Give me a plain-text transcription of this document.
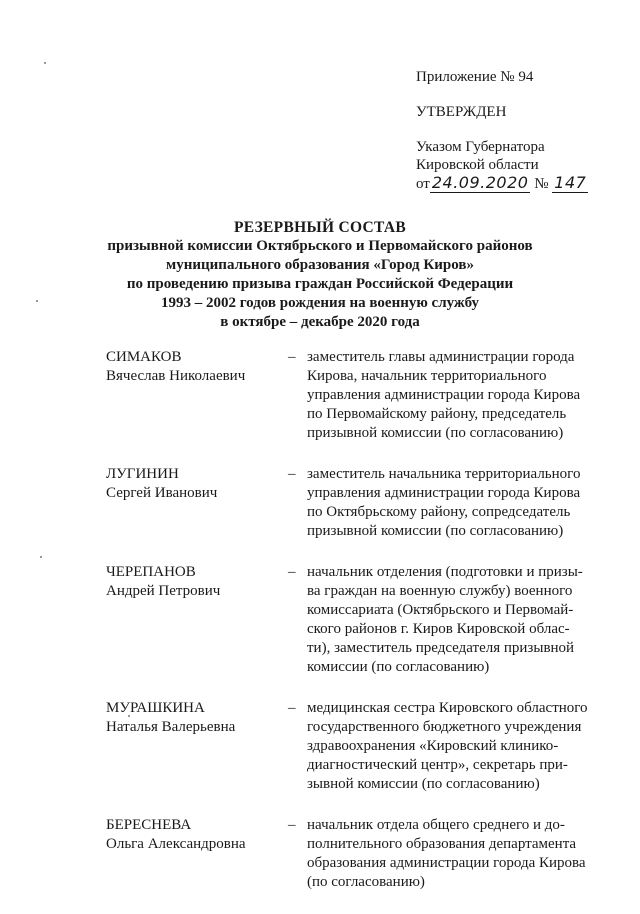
Приложение № 94
УТВЕРЖДЕН
Указом Губернатора
Кировской области
от 24.09.2020 № 147
РЕЗЕРВНЫЙ СОСТАВ
призывной комиссии Октябрьского и Первомайского районов
муниципального образования «Город Киров»
по проведению призыва граждан Российской Федерации
1993 – 2002 годов рождения на военную службу
в октябре – декабре 2020 года
СИМАКОВ
Вячеслав Николаевич
– заместитель главы администрации города
Кирова, начальник территориального
управления администрации города Кирова
по Первомайскому району, председатель
призывной комиссии (по согласованию)
ЛУГИНИН
Сергей Иванович
– заместитель начальника территориального
управления администрации города Кирова
по Октябрьскому району, сопредседатель
призывной комиссии (по согласованию)
ЧЕРЕПАНОВ
Андрей Петрович
– начальник отделения (подготовки и призы-
ва граждан на военную службу) военного
комиссариата (Октябрьского и Первомай-
ского районов г. Киров Кировской облас-
ти), заместитель председателя призывной
комиссии (по согласованию)
МУРАШКИНА
Наталья Валерьевна
– медицинская сестра Кировского областного
государственного бюджетного учреждения
здравоохранения «Кировский клинико-
диагностический центр», секретарь при-
зывной комиссии (по согласованию)
БЕРЕСНЕВА
Ольга Александровна
– начальник отдела общего среднего и до-
полнительного образования департамента
образования администрации города Кирова
(по согласованию)
